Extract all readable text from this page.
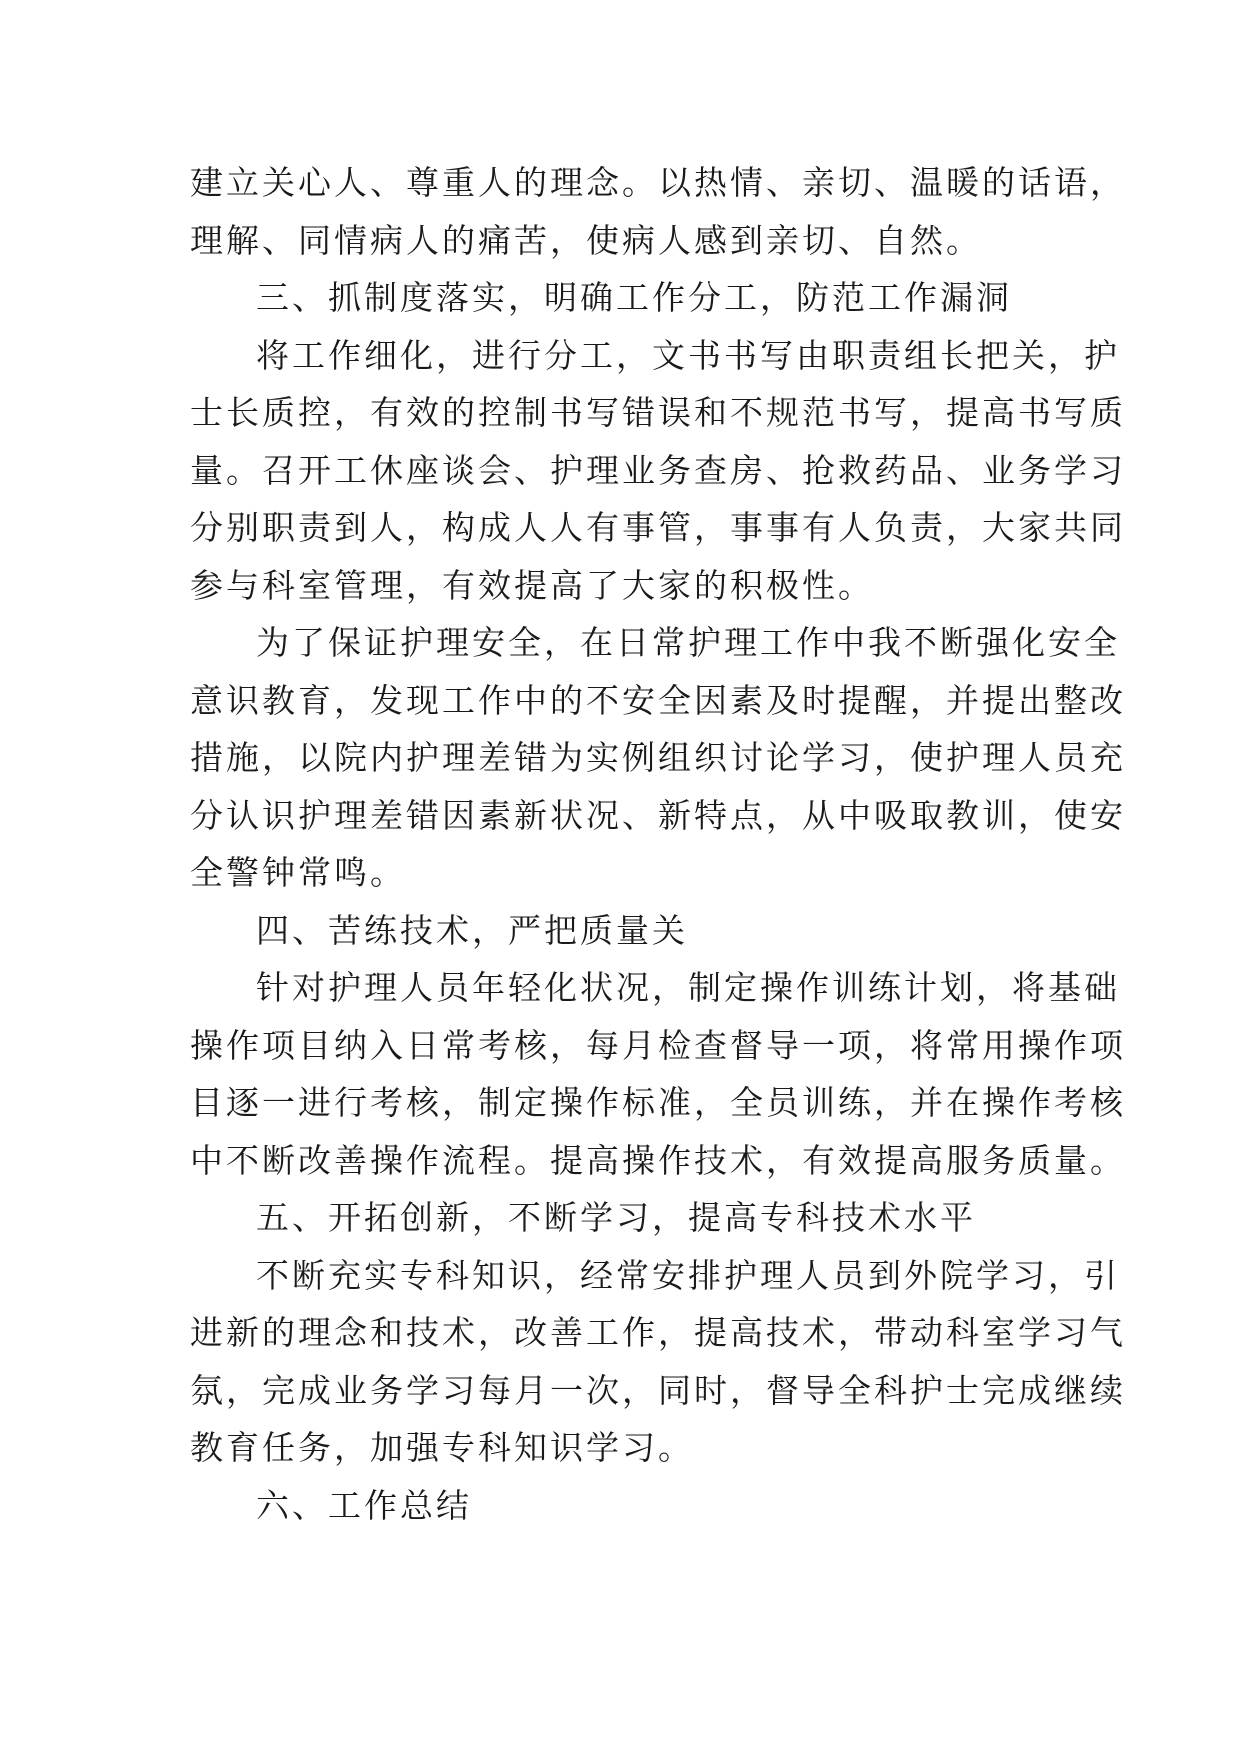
建立关心人、尊重人的理念。以热情、亲切、温暖的话语，
理解、同情病人的痛苦，使病人感到亲切、自然。
三、抓制度落实，明确工作分工，防范工作漏洞
将工作细化，进行分工，文书书写由职责组长把关，护
士长质控，有效的控制书写错误和不规范书写，提高书写质
量。召开工休座谈会、护理业务查房、抢救药品、业务学习
分别职责到人，构成人人有事管，事事有人负责，大家共同
参与科室管理，有效提高了大家的积极性。
为了保证护理安全，在日常护理工作中我不断强化安全
意识教育，发现工作中的不安全因素及时提醒，并提出整改
措施，以院内护理差错为实例组织讨论学习，使护理人员充
分认识护理差错因素新状况、新特点，从中吸取教训，使安
全警钟常鸣。
四、苦练技术，严把质量关
针对护理人员年轻化状况，制定操作训练计划，将基础
操作项目纳入日常考核，每月检查督导一项，将常用操作项
目逐一进行考核，制定操作标准，全员训练，并在操作考核
中不断改善操作流程。提高操作技术，有效提高服务质量。
五、开拓创新，不断学习，提高专科技术水平
不断充实专科知识，经常安排护理人员到外院学习，引
进新的理念和技术，改善工作，提高技术，带动科室学习气
氛，完成业务学习每月一次，同时，督导全科护士完成继续
教育任务，加强专科知识学习。
六、工作总结
